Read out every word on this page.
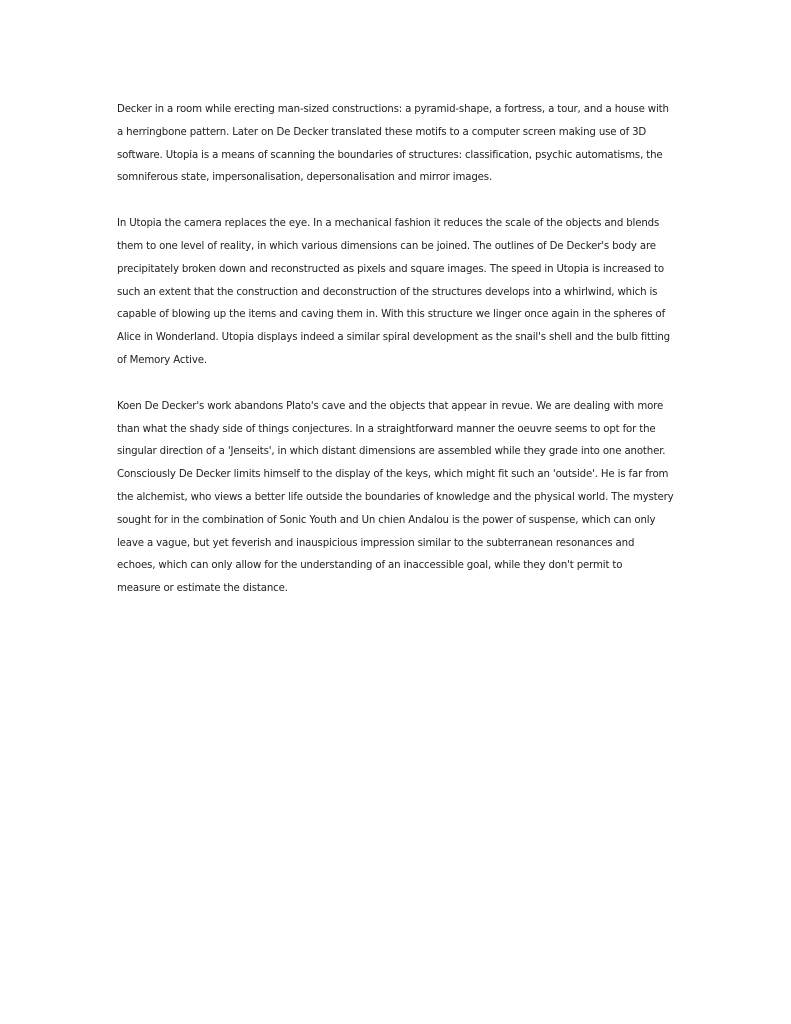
Decker in a room while erecting man-sized constructions: a pyramid-shape, a fortress, a tour, and a house with
a herringbone pattern. Later on De Decker translated these motifs to a computer screen making use of 3D
software. Utopia is a means of scanning the boundaries of structures: classification, psychic automatisms, the
somniferous state, impersonalisation, depersonalisation and mirror images.

In Utopia the camera replaces the eye. In a mechanical fashion it reduces the scale of the objects and blends
them to one level of reality, in which various dimensions can be joined. The outlines of De Decker's body are
precipitately broken down and reconstructed as pixels and square images. The speed in Utopia is increased to
such an extent that the construction and deconstruction of the structures develops into a whirlwind, which is
capable of blowing up the items and caving them in. With this structure we linger once again in the spheres of
Alice in Wonderland. Utopia displays indeed a similar spiral development as the snail's shell and the bulb fitting
of Memory Active.

Koen De Decker's work abandons Plato's cave and the objects that appear in revue. We are dealing with more
than what the shady side of things conjectures. In a straightforward manner the oeuvre seems to opt for the
singular direction of a 'Jenseits', in which distant dimensions are assembled while they grade into one another.
Consciously De Decker limits himself to the display of the keys, which might fit such an 'outside'. He is far from
the alchemist, who views a better life outside the boundaries of knowledge and the physical world. The mystery
sought for in the combination of Sonic Youth and Un chien Andalou is the power of suspense, which can only
leave a vague, but yet feverish and inauspicious impression similar to the subterranean resonances and
echoes, which can only allow for the understanding of an inaccessible goal, while they don't permit to
measure or estimate the distance.
